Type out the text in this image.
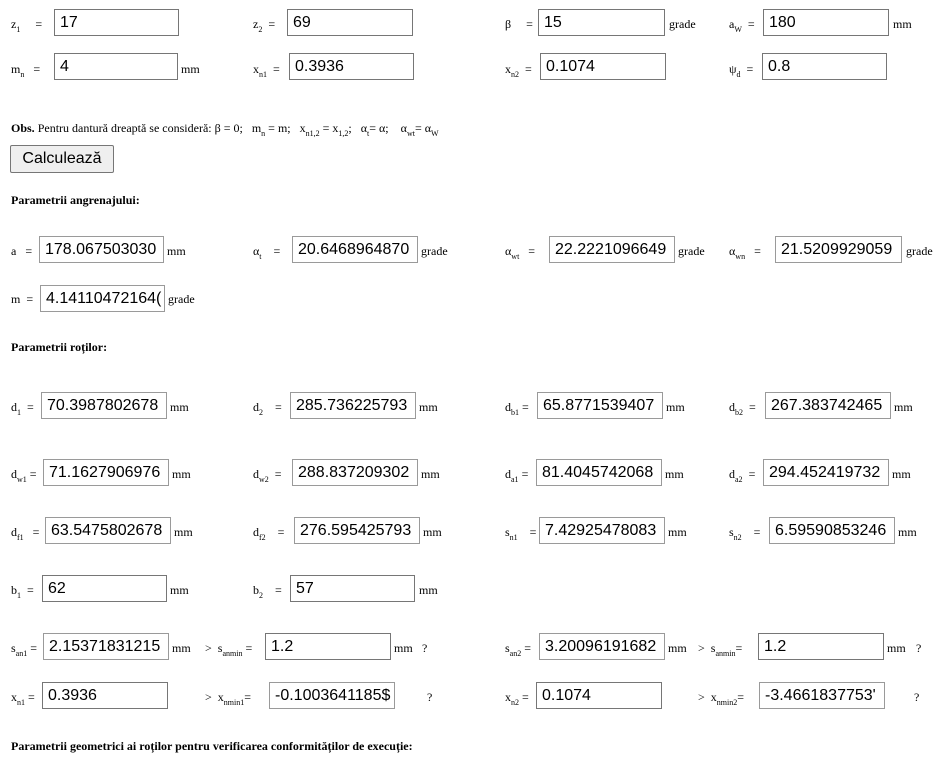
$z_1$     =	17	$z_2$  =	69	β     = 15	grade	$a_W = 180$	mm
$m_n$   =	4	mm	$x_{n1} = 0.3936$	$x_{n2} = 0.1074$	$\psi_d = 0.8$
Obs. Pentru dantură dreaptă se consideră: β = 0;   $m_n = m$;   $x_{n1,2} = x_{1,2}$;   $\alpha_t= \alpha$;    $\alpha_{wt}= \alpha_W$
Calculează
Parametrii angrenajului:
a   = 178.067503030 mm	$\alpha_t$    =	20.6468964870 grade	$\alpha_{wt}$   =	22.2221096649 grade $\alpha_{wn}$   =	21.5209929059	grade
m  = 4.14110472164( grade
Parametrii roților:
$d_1 = 70.3987802678$ mm	$d_2$    = 285.736225793 mm	$d_{b1} = 65.8771539407$ mm	$d_{b2} = 267.383742465$ mm
$d_{w1} = 71.1627906976$ mm	$d_{w2}$  =	288.837209302 mm	$d_{a1} = 81.4045742068$ mm	$d_{a2} = 294.452419732$ mm
$d_{f1} = 63.5475802678$ mm	$d_{f2}$    = 276.595425793 mm	$s_{n1}$    = 7.42925478083 mm	$s_{n2}$    = 6.59590853246 mm
$b_1 = 62$	mm	$b_2$    = 57	mm
$s_{an1} = 2.15371831215$ mm >  $s_{anmin}$ =	1.2	mm ?	$s_{an2} = 3.20096191682$ mm >  $s_{anmin}=$	1.2	mm ?
$x_{n1} = 0.3936$	>  $x_{nmin1}=$	-0.1003641185$	?	$x_{n2} = 0.1074$	>  $x_{nmin2}=$	-3.4661837753'	?
Parametrii geometrici ai roților pentru verificarea conformităților de execuție:
